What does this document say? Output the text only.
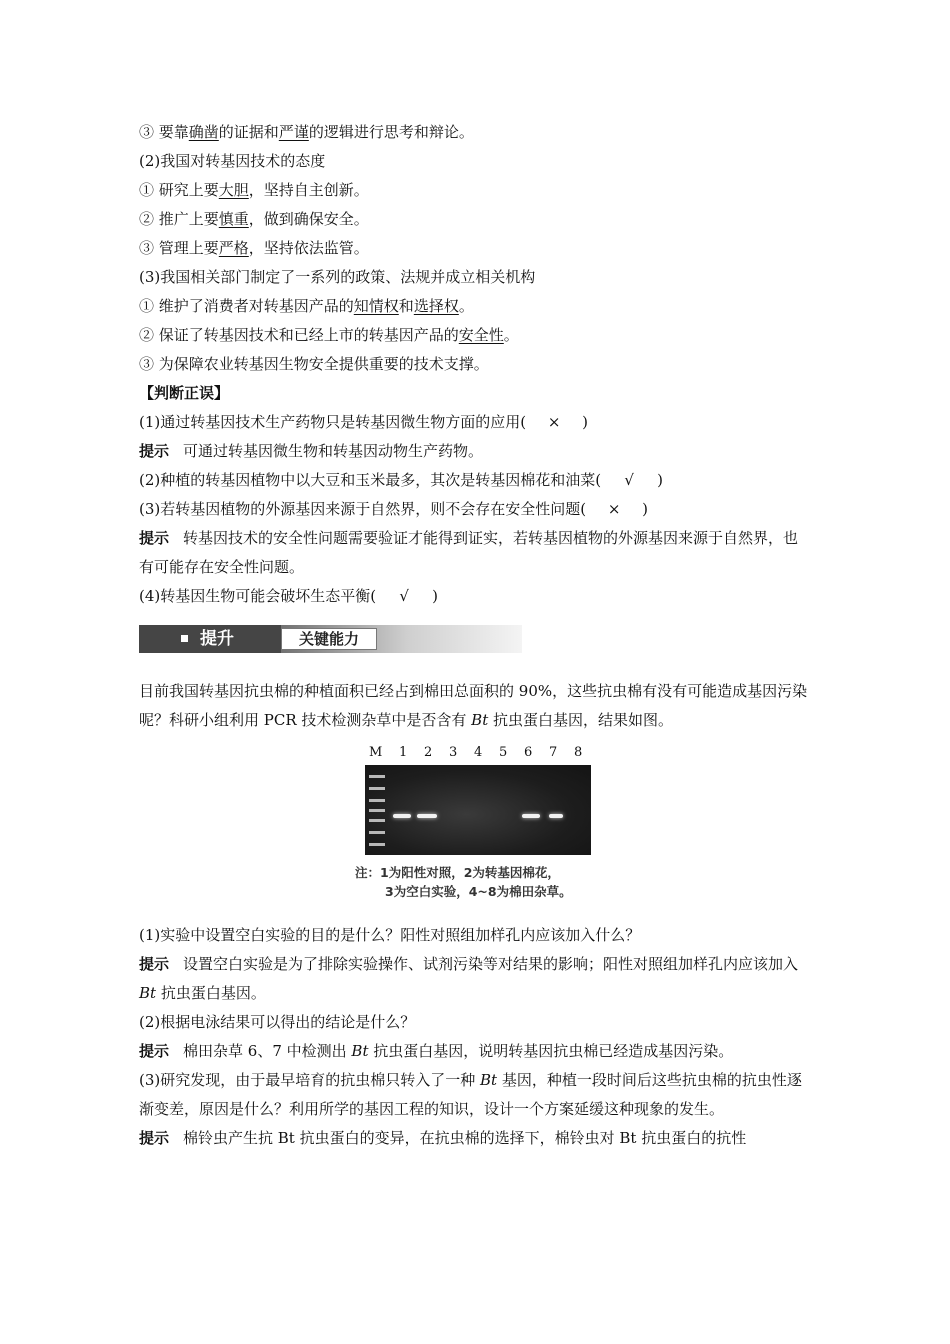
③ 要靠确凿的证据和严谨的逻辑进行思考和辩论。
(2)我国对转基因技术的态度
① 研究上要大胆，坚持自主创新。
② 推广上要慎重，做到确保安全。
③ 管理上要严格，坚持依法监管。
(3)我国相关部门制定了一系列的政策、法规并成立相关机构
① 维护了消费者对转基因产品的知情权和选择权。
② 保证了转基因技术和已经上市的转基因产品的安全性。
③ 为保障农业转基因生物安全提供重要的技术支撑。
【判断正误】
(1)通过转基因技术生产药物只是转基因微生物方面的应用( × )
提示 可通过转基因微生物和转基因动物生产药物。
(2)种植的转基因植物中以大豆和玉米最多，其次是转基因棉花和油菜( √ )
(3)若转基因植物的外源基因来源于自然界，则不会存在安全性问题( × )
提示 转基因技术的安全性问题需要验证才能得到证实，若转基因植物的外源基因来源于自然界，也有可能存在安全性问题。
(4)转基因生物可能会破坏生态平衡( √ )
提升	关键能力
目前我国转基因抗虫棉的种植面积已经占到棉田总面积的 90%，这些抗虫棉有没有可能造成基因污染呢？科研小组利用 PCR 技术检测杂草中是否含有 Bt 抗虫蛋白基因，结果如图。
M 1 2 3 4 5 6 7 8
注：1为阳性对照，2为转基因棉花，
3为空白实验，4~8为棉田杂草。
(1)实验中设置空白实验的目的是什么？阳性对照组加样孔内应该加入什么？
提示 设置空白实验是为了排除实验操作、试剂污染等对结果的影响；阳性对照组加样孔内应该加入 Bt 抗虫蛋白基因。
(2)根据电泳结果可以得出的结论是什么？
提示 棉田杂草 6、7 中检测出 Bt 抗虫蛋白基因，说明转基因抗虫棉已经造成基因污染。
(3)研究发现，由于最早培育的抗虫棉只转入了一种 Bt 基因，种植一段时间后这些抗虫棉的抗虫性逐渐变差，原因是什么？利用所学的基因工程的知识，设计一个方案延缓这种现象的发生。
提示 棉铃虫产生抗 Bt 抗虫蛋白的变异，在抗虫棉的选择下，棉铃虫对 Bt 抗虫蛋白的抗性
